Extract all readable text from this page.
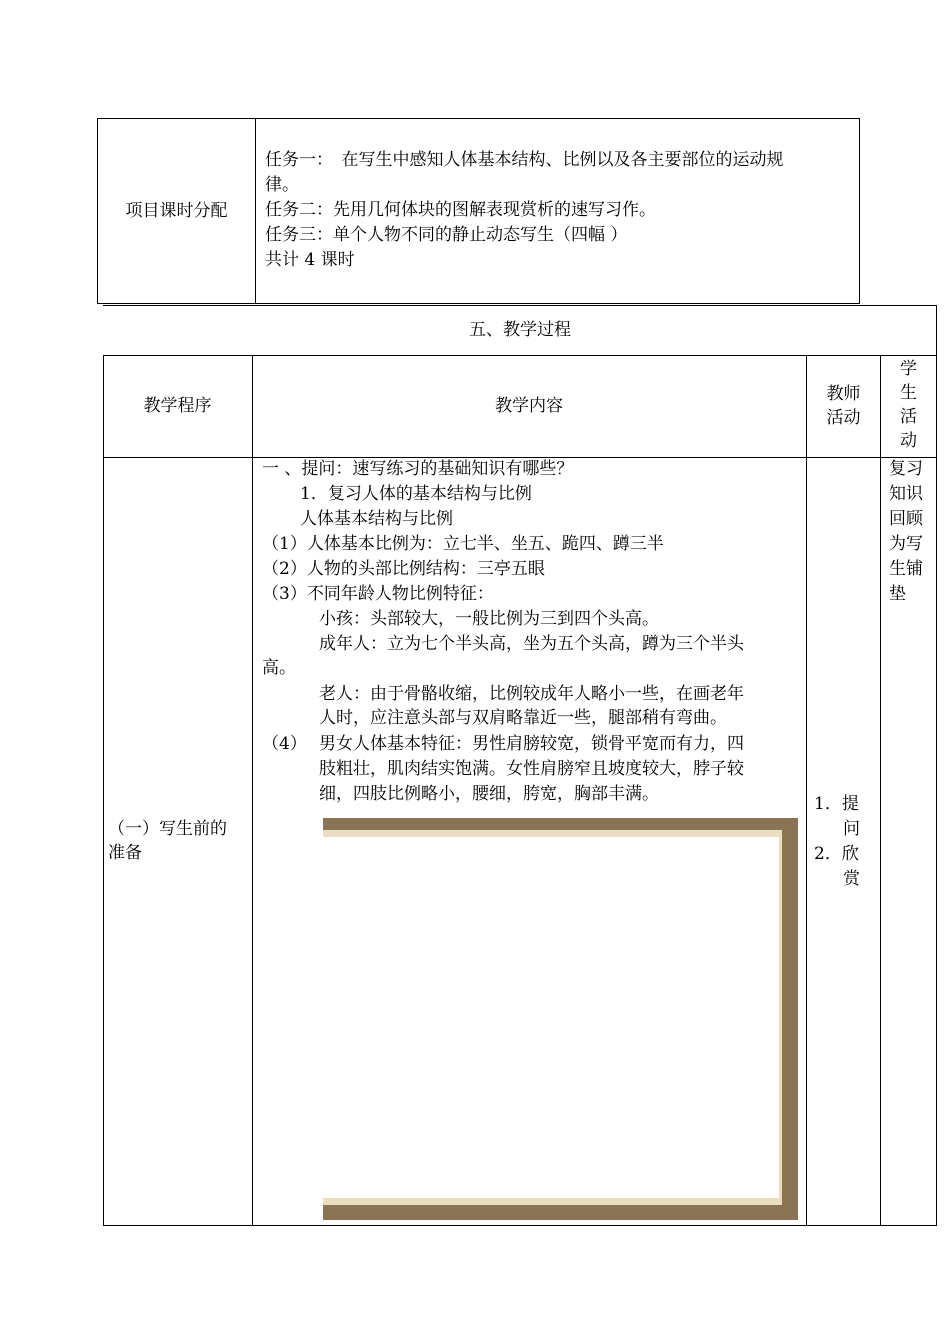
项目课时分配
任务一：　在写生中感知人体基本结构、比例以及各主要部位的运动规
律。
任务二：先用几何体块的图解表现赏析的速写习作。
任务三：单个人物不同的静止动态写生（四幅 ）
共计 4 课时
五、教学过程
教学程序	教学内容
教师
活动
学
生
活
动
（一）写生前的
准备
一 、提问：速写练习的基础知识有哪些？
1．复习人体的基本结构与比例
人体基本结构与比例
（1）人体基本比例为：立七半、坐五、跪四、蹲三半
（2）人物的头部比例结构：三亭五眼
（3）不同年龄人物比例特征：
小孩：头部较大，一般比例为三到四个头高。
成年人：立为七个半头高，坐为五个头高，蹲为三个半头
高。
老人：由于骨骼收缩，比例较成年人略小一些，在画老年
人时，应注意头部与双肩略靠近一些，腿部稍有弯曲。
（4） 男女人体基本特征：男性肩膀较宽，锁骨平宽而有力，四
肢粗壮，肌肉结实饱满。女性肩膀窄且坡度较大，脖子较
细，四肢比例略小，腰细，胯宽，胸部丰满。	1．提
问
2．欣
赏
复习
知识
回顾
为写
生铺
垫
